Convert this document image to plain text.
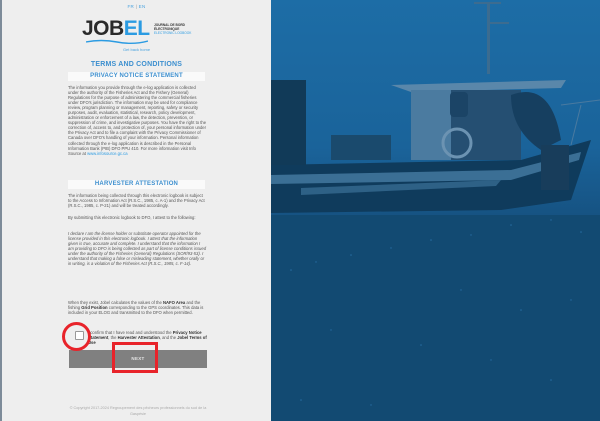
FR | EN
JOBEL JOURNAL DE BORD
ÉLECTRONIQUE
ELECTRONIC LOGBOOK
Get back home
TERMS AND CONDITIONS
PRIVACY NOTICE STATEMENT
The information you provide through the e-log application is collected under the authority of the Fisheries Act and the Fishery (General) Regulations for the purpose of administering the commercial fisheries under DFO's jurisdiction. The information may be used for compliance review, program planning or management, reporting, safety or security purposes, audit, evaluation, statistical, research, policy development, administration or enforcement of a law, the detection, prevention, or suppression of crime, and investigative purposes. You have the right to the correction of, access to, and protection of, your personal information under the Privacy Act and to file a complaint with the Privacy Commissioner of Canada over DFO's handling of your information. Personal information collected through the e-log application is described in the Personal Information Bank (PIB) DFO PPU 410. For more information visit Info Source at www.infosource.gc.ca
HARVESTER ATTESTATION
The information being collected through this electronic logbook is subject to the Access to Information Act (R.S.C., 1985, c. A-1) and the Privacy Act (R.S.C., 1985, c. P-21) and will be treated accordingly.
By submitting this electronic logbook to DFO, I attest to the following:
I declare I am the license holder or substitute operator appointed for the license provided in this electronic logbook. I attest that the information given is true, accurate and complete. I understand that the information I am providing to DFO is being collected as part of license conditions issued under the authority of the Fisheries (General) Regulations (SOR/93-53). I understand that making a false or misleading statement, whether orally or in writing, is a violation of the Fisheries Act (R.S.C., 1985, c. F-14).
When they exist, Jobel calculates the values of the NAFO Area and the fishing Grid Position corresponding to the GPS coordinates. This data is included in your ELOG and transmitted to the DFO when permitted.
I confirm that I have read and understood the Privacy Notice Statement, the Harvester Attestation, and the Jobel Terms of Use
NEXT
© Copyright 2017-2024 Regroupement des pêcheurs professionnels du sud de la Gaspésie
